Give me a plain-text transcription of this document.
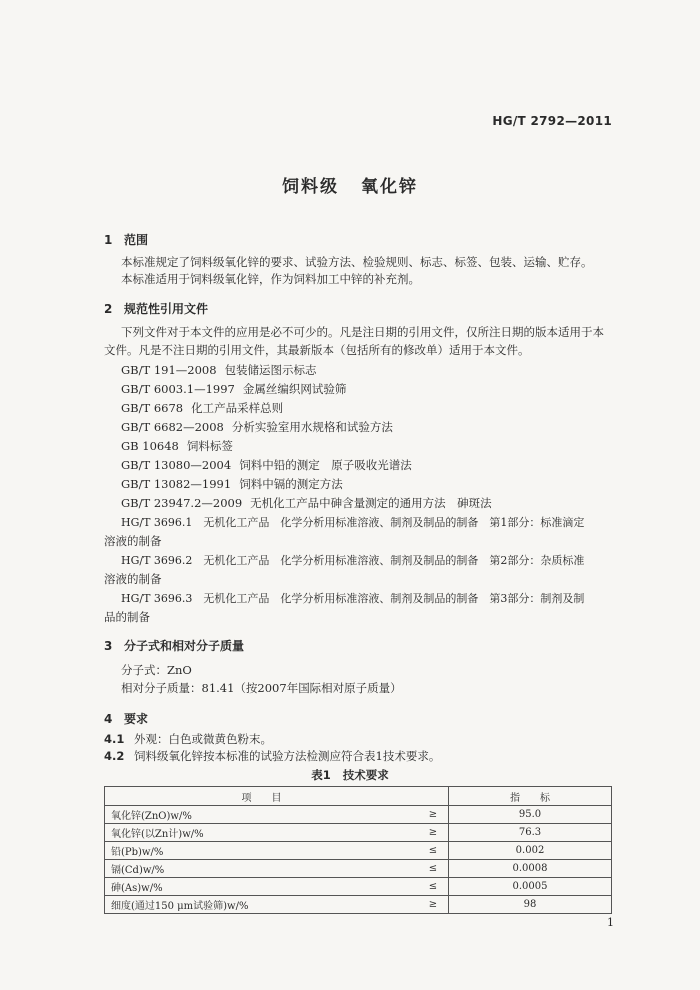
HG/T 2792—2011
饲料级 氧化锌
1 范围
本标准规定了饲料级氧化锌的要求、试验方法、检验规则、标志、标签、包装、运输、贮存。
本标准适用于饲料级氧化锌，作为饲料加工中锌的补充剂。
2 规范性引用文件
下列文件对于本文件的应用是必不可少的。凡是注日期的引用文件，仅所注日期的版本适用于本
文件。凡是不注日期的引用文件，其最新版本（包括所有的修改单）适用于本文件。
GB/T 191—2008 包装储运图示标志
GB/T 6003.1—1997 金属丝编织网试验筛
GB/T 6678 化工产品采样总则
GB/T 6682—2008 分析实验室用水规格和试验方法
GB 10648 饲料标签
GB/T 13080—2004 饲料中铅的测定　原子吸收光谱法
GB/T 13082—1991 饲料中镉的测定方法
GB/T 23947.2—2009 无机化工产品中砷含量测定的通用方法　砷斑法
HG/T 3696.1　无机化工产品　化学分析用标准溶液、制剂及制品的制备　第1部分：标准滴定
溶液的制备
HG/T 3696.2　无机化工产品　化学分析用标准溶液、制剂及制品的制备　第2部分：杂质标准
溶液的制备
HG/T 3696.3　无机化工产品　化学分析用标准溶液、制剂及制品的制备　第3部分：制剂及制
品的制备
3 分子式和相对分子质量
分子式：ZnO
相对分子质量：81.41（按2007年国际相对原子质量）
4 要求
4.1 外观：白色或微黄色粉末。
4.2 饲料级氧化锌按本标准的试验方法检测应符合表1技术要求。
表1 技术要求
项　　目		指　　标
氧化锌(ZnO)w/%	≥	95.0
氧化锌(以Zn计)w/%	≥	76.3
铅(Pb)w/%	≤	0.002
镉(Cd)w/%	≤	0.0008
砷(As)w/%	≤	0.0005
细度(通过150 μm试验筛)w/%	≥	98
1
